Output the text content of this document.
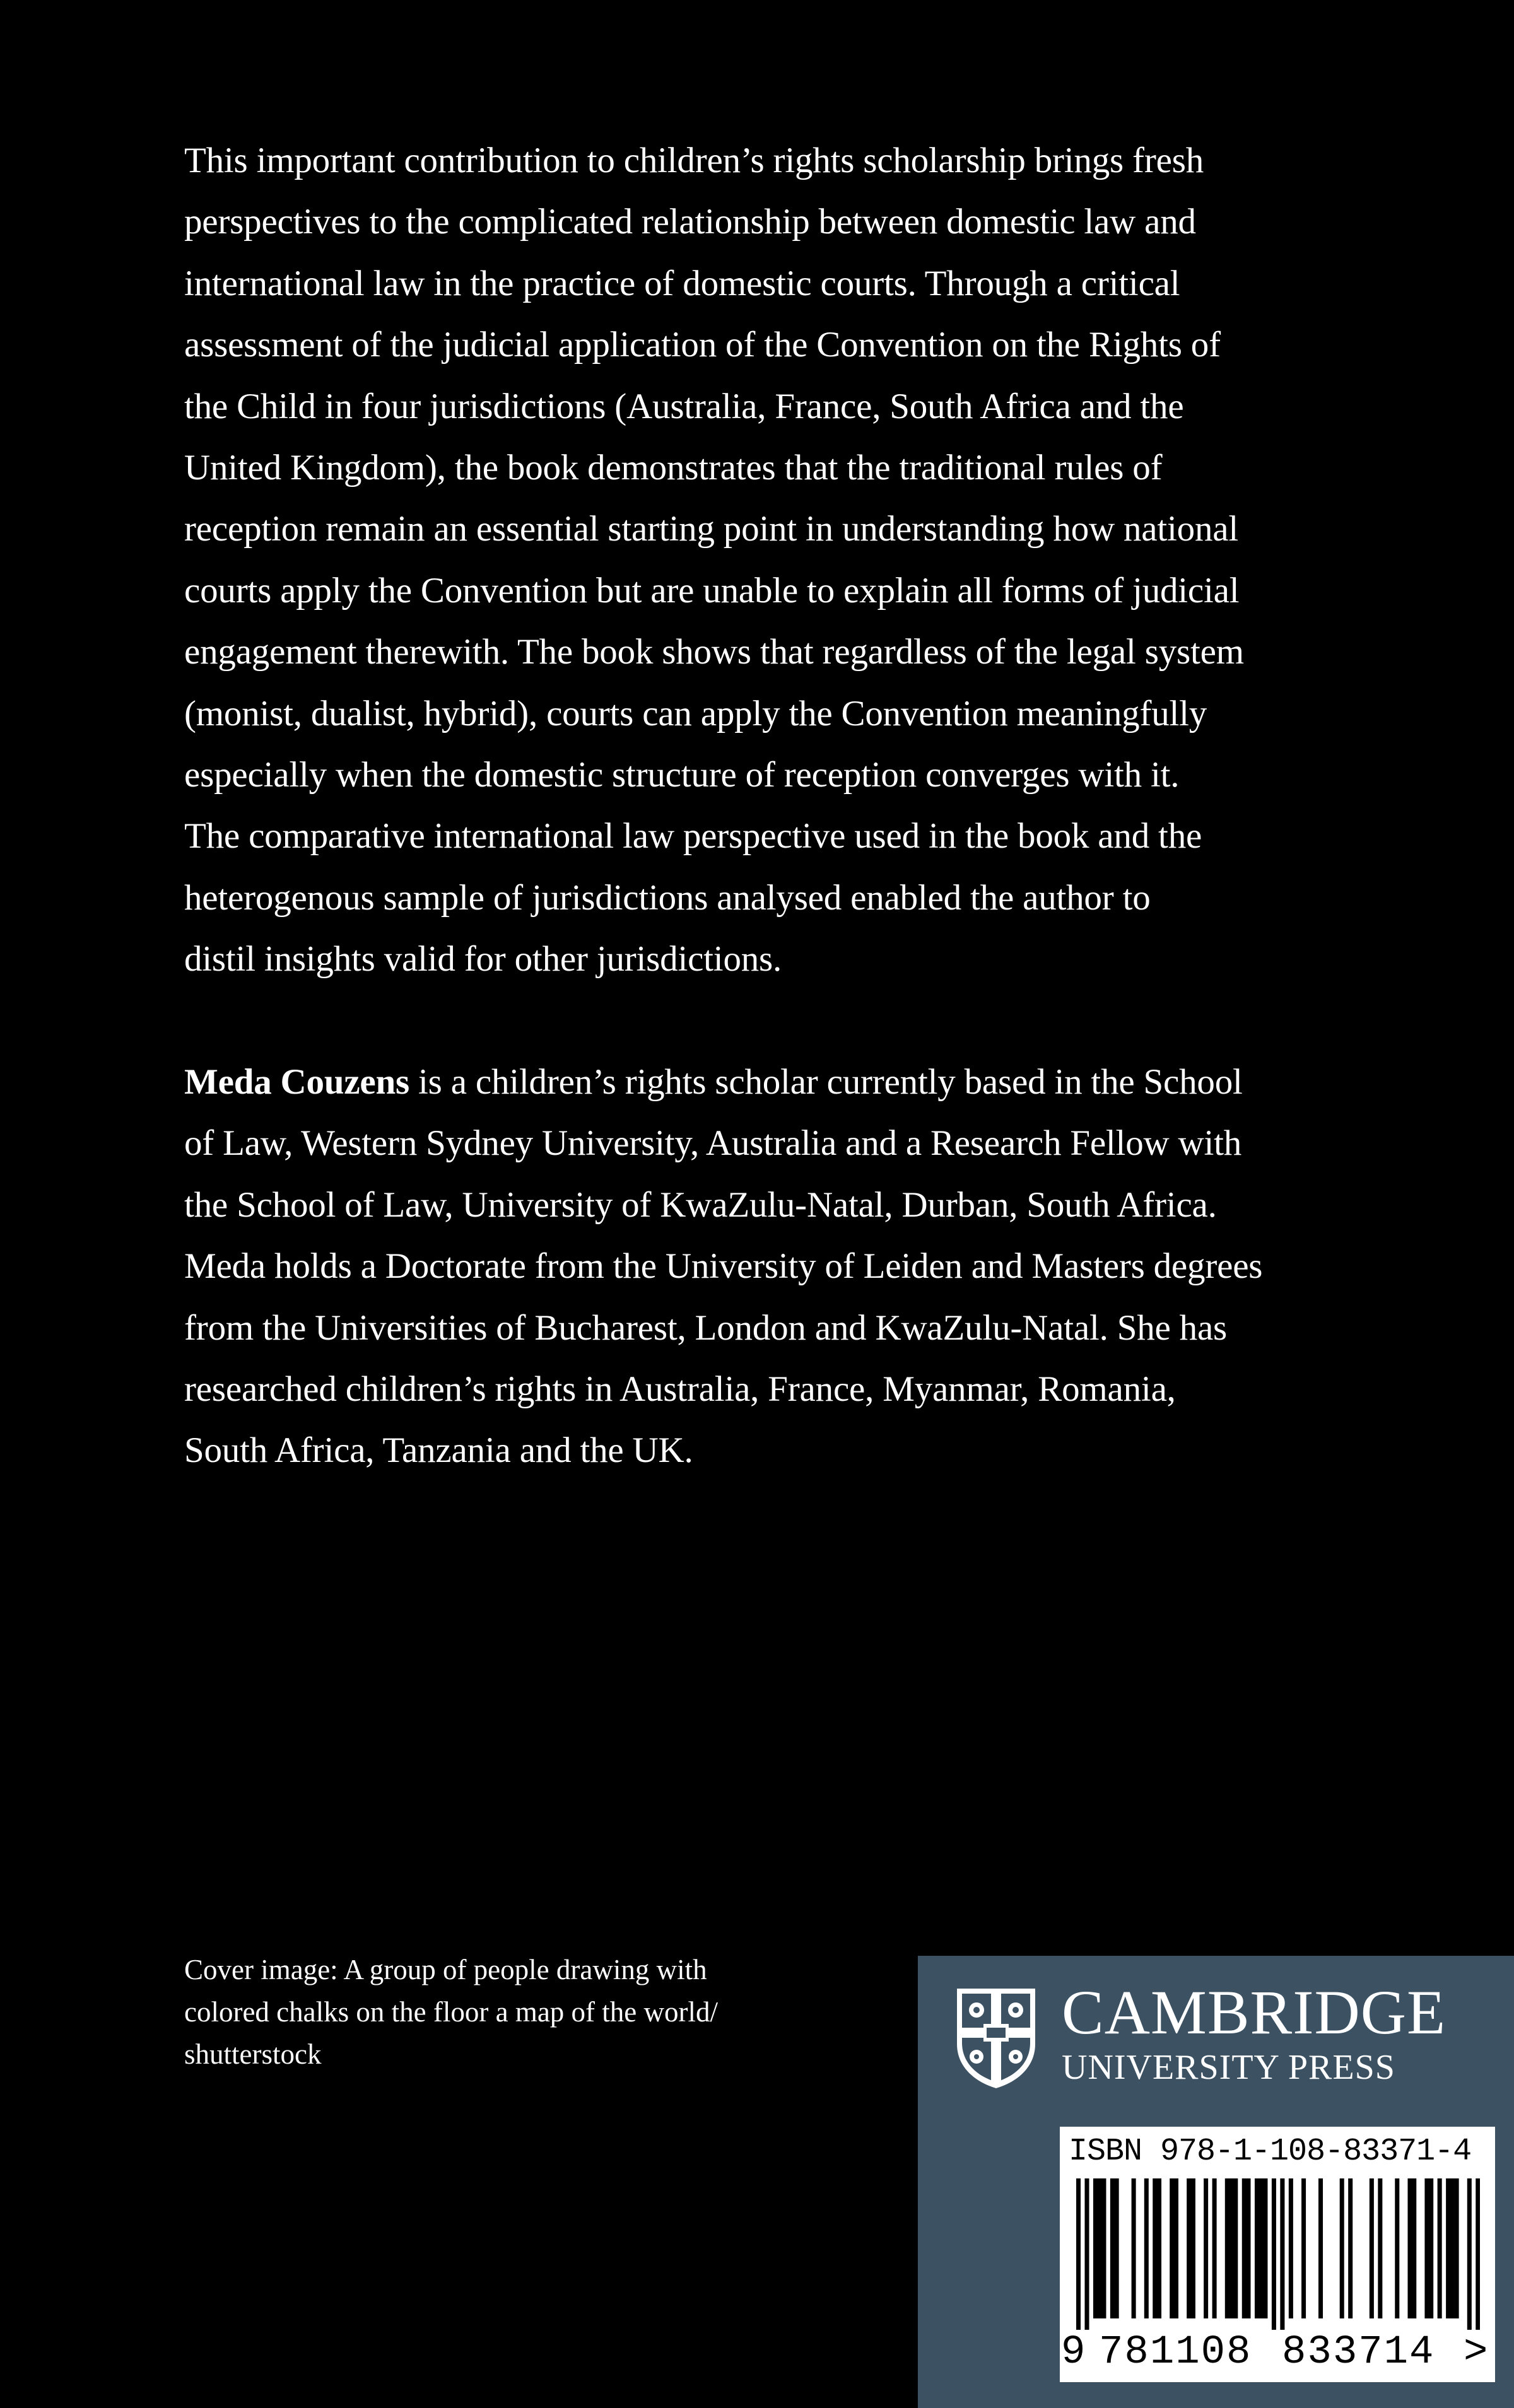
This important contribution to children’s rights scholarship brings fresh
perspectives to the complicated relationship between domestic law and
international law in the practice of domestic courts. Through a critical
assessment of the judicial application of the Convention on the Rights of
the Child in four jurisdictions (Australia, France, South Africa and the
United Kingdom), the book demonstrates that the traditional rules of
reception remain an essential starting point in understanding how national
courts apply the Convention but are unable to explain all forms of judicial
engagement therewith. The book shows that regardless of the legal system
(monist, dualist, hybrid), courts can apply the Convention meaningfully
especially when the domestic structure of reception converges with it.
The comparative international law perspective used in the book and the
heterogenous sample of jurisdictions analysed enabled the author to
distil insights valid for other jurisdictions.

Meda Couzens is a children’s rights scholar currently based in the School
of Law, Western Sydney University, Australia and a Research Fellow with
the School of Law, University of KwaZulu-Natal, Durban, South Africa.
Meda holds a Doctorate from the University of Leiden and Masters degrees
from the Universities of Bucharest, London and KwaZulu-Natal. She has
researched children’s rights in Australia, France, Myanmar, Romania,
South Africa, Tanzania and the UK.

Cover image: A group of people drawing with
colored chalks on the floor a map of the world/
shutterstock
CAMBRIDGE
UNIVERSITY PRESS
ISBN 978-1-108-83371-4
9 781108 833714 >
